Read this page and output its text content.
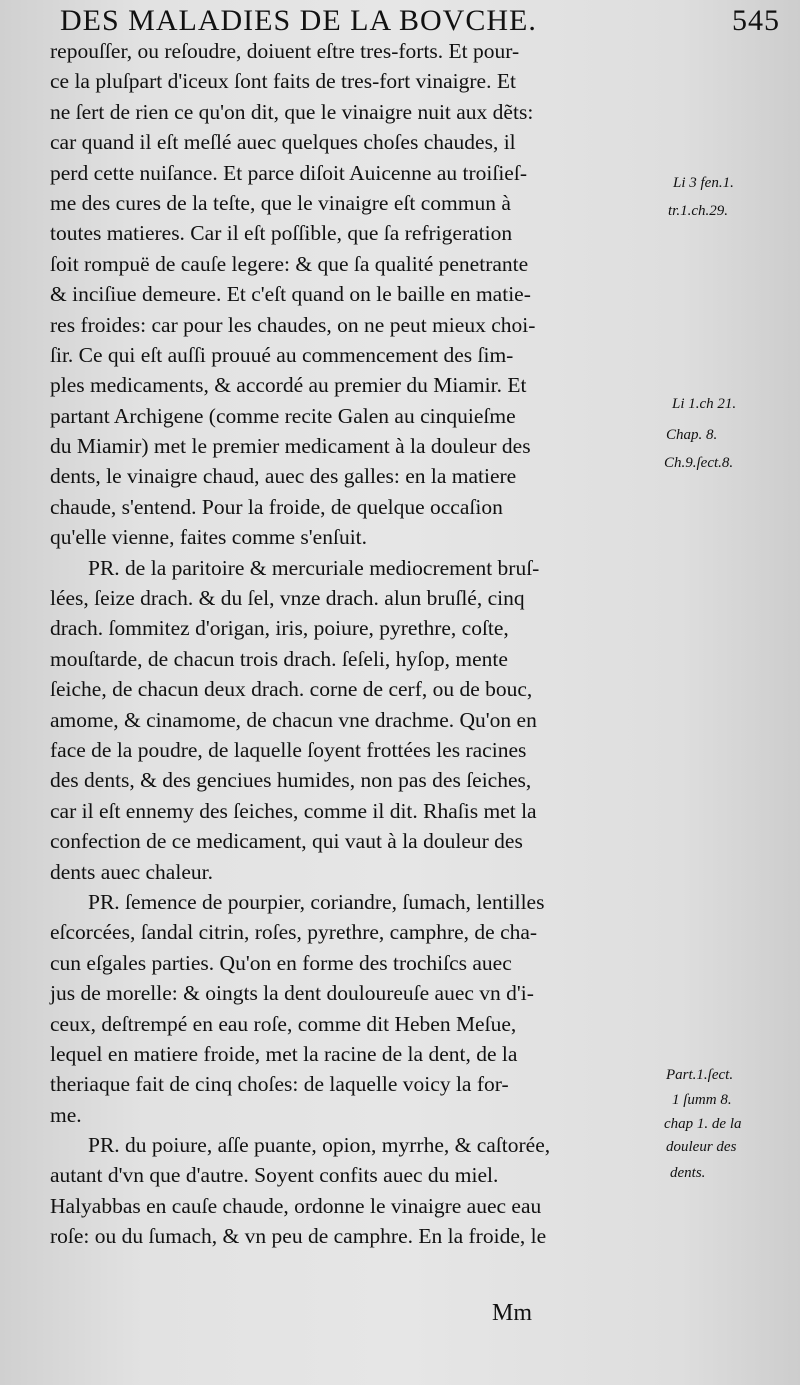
DES MALADIES DE LA BOVCHE.	545
repouſſer, ou reſoudre, doiuent eſtre tres-forts. Et pour-
ce la pluſpart d'iceux ſont faits de tres-fort vinaigre. Et
ne ſert de rien ce qu'on dit, que le vinaigre nuit aux dẽts:
car quand il eſt meſlé auec quelques choſes chaudes, il
perd cette nuiſance. Et parce diſoit Auicenne au troiſieſ-
me des cures de la teſte, que le vinaigre eſt commun à
toutes matieres. Car il eſt poſſible, que ſa refrigeration
ſoit rompuë de cauſe legere: & que ſa qualité penetrante
& inciſiue demeure. Et c'eſt quand on le baille en matie-
res froides: car pour les chaudes, on ne peut mieux choi-
ſir. Ce qui eſt auſſi prouué au commencement des ſim-
ples medicaments, & accordé au premier du Miamir. Et
partant Archigene (comme recite Galen au cinquieſme
du Miamir) met le premier medicament à la douleur des
dents, le vinaigre chaud, auec des galles: en la matiere
chaude, s'entend. Pour la froide, de quelque occaſion
qu'elle vienne, faites comme s'enſuit.
PR. de la paritoire & mercuriale mediocrement bruſ-
lées, ſeize drach. & du ſel, vnze drach. alun bruſlé, cinq
drach. ſommitez d'origan, iris, poiure, pyrethre, coſte,
mouſtarde, de chacun trois drach. ſeſeli, hyſop, mente
ſeiche, de chacun deux drach. corne de cerf, ou de bouc,
amome, & cinamome, de chacun vne drachme. Qu'on en
face de la poudre, de laquelle ſoyent frottées les racines
des dents, & des genciues humides, non pas des ſeiches,
car il eſt ennemy des ſeiches, comme il dit. Rhaſis met la
confection de ce medicament, qui vaut à la douleur des
dents auec chaleur.
PR. ſemence de pourpier, coriandre, ſumach, lentilles
eſcorcées, ſandal citrin, roſes, pyrethre, camphre, de cha-
cun eſgales parties. Qu'on en forme des trochiſcs auec
jus de morelle: & oingts la dent douloureuſe auec vn d'i-
ceux, deſtrempé en eau roſe, comme dit Heben Meſue,
lequel en matiere froide, met la racine de la dent, de la
theriaque fait de cinq choſes: de laquelle voicy la for-
me.
PR. du poiure, aſſe puante, opion, myrrhe, & caſtorée,
autant d'vn que d'autre. Soyent confits auec du miel.
Halyabbas en cauſe chaude, ordonne le vinaigre auec eau
roſe: ou du ſumach, & vn peu de camphre. En la froide, le
Li 3 fen.1.
tr.1.ch.29.
Li 1.ch 21.
Chap. 8.
Ch.9.ſect.8.
Part.1.ſect.
1 ſumm 8.
chap 1. de la
douleur des
dents.
Mm
